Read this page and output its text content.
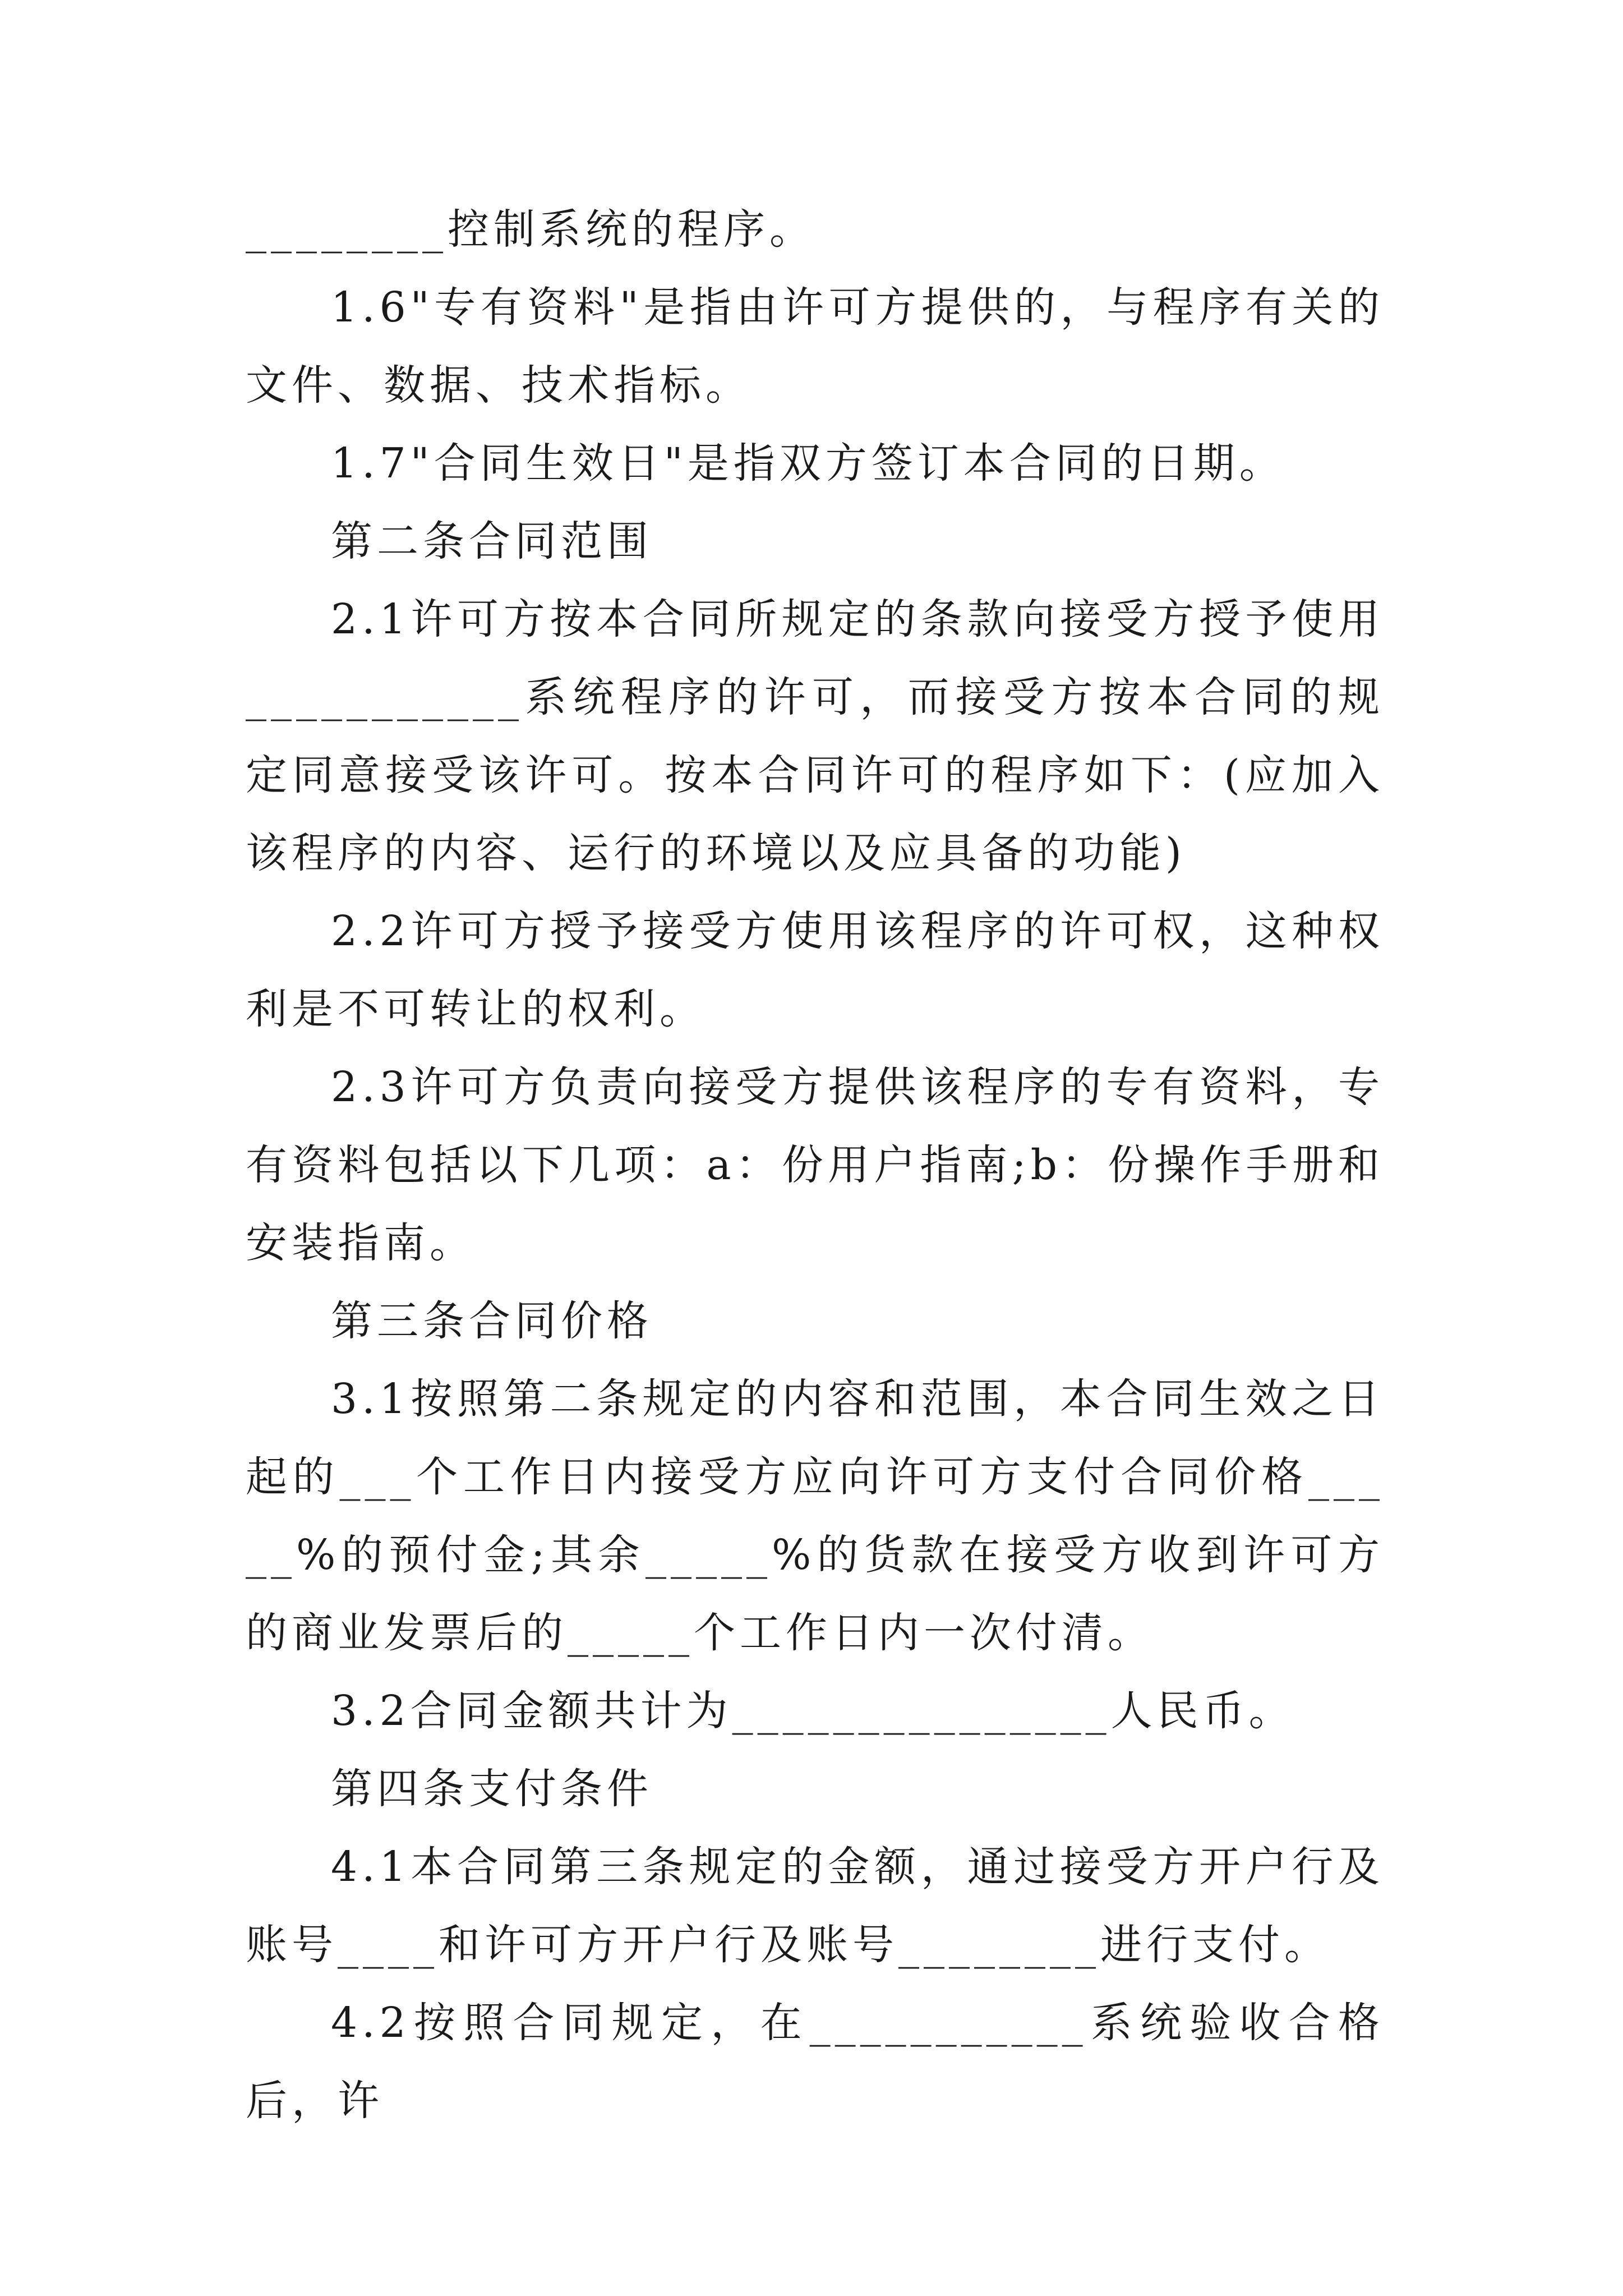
________控制系统的程序。

1.6"专有资料"是指由许可方提供的，与程序有关的文件、数据、技术指标。

1.7"合同生效日"是指双方签订本合同的日期。

第二条合同范围

2.1许可方按本合同所规定的条款向接受方授予使用___________系统程序的许可，而接受方按本合同的规定同意接受该许可。按本合同许可的程序如下：(应加入该程序的内容、运行的环境以及应具备的功能)

2.2许可方授予接受方使用该程序的许可权，这种权利是不可转让的权利。

2.3许可方负责向接受方提供该程序的专有资料，专有资料包括以下几项：a：份用户指南;b：份操作手册和安装指南。

第三条合同价格

3.1按照第二条规定的内容和范围，本合同生效之日起的___个工作日内接受方应向许可方支付合同价格_____%的预付金;其余_____%的货款在接受方收到许可方的商业发票后的_____个工作日内一次付清。

3.2合同金额共计为_______________人民币。

第四条支付条件

4.1本合同第三条规定的金额，通过接受方开户行及账号____和许可方开户行及账号________进行支付。

4.2按照合同规定，在___________系统验收合格后，许
